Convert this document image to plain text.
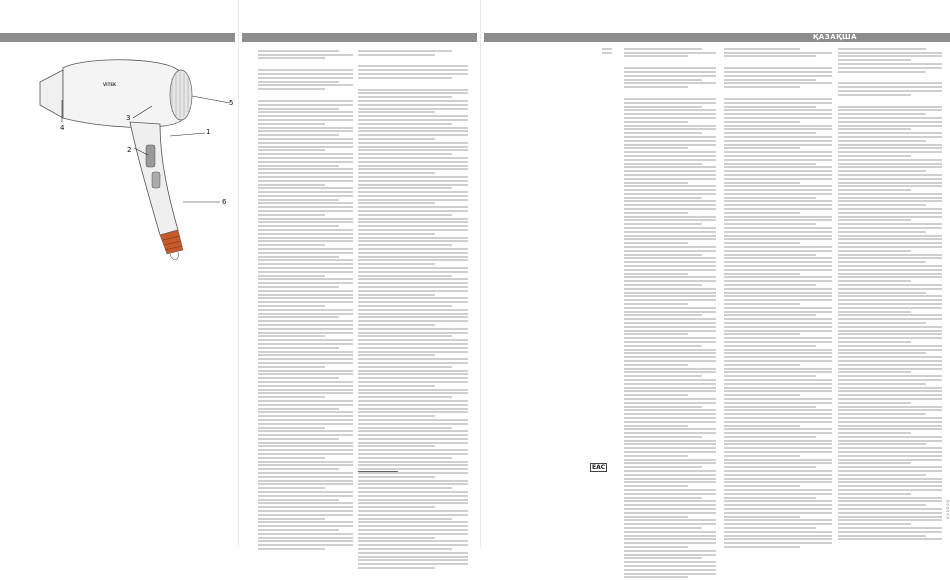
4
3
5
1
2
6
VITEK
ҚАЗАҚША
EAC
0 0 0 0 0 0
